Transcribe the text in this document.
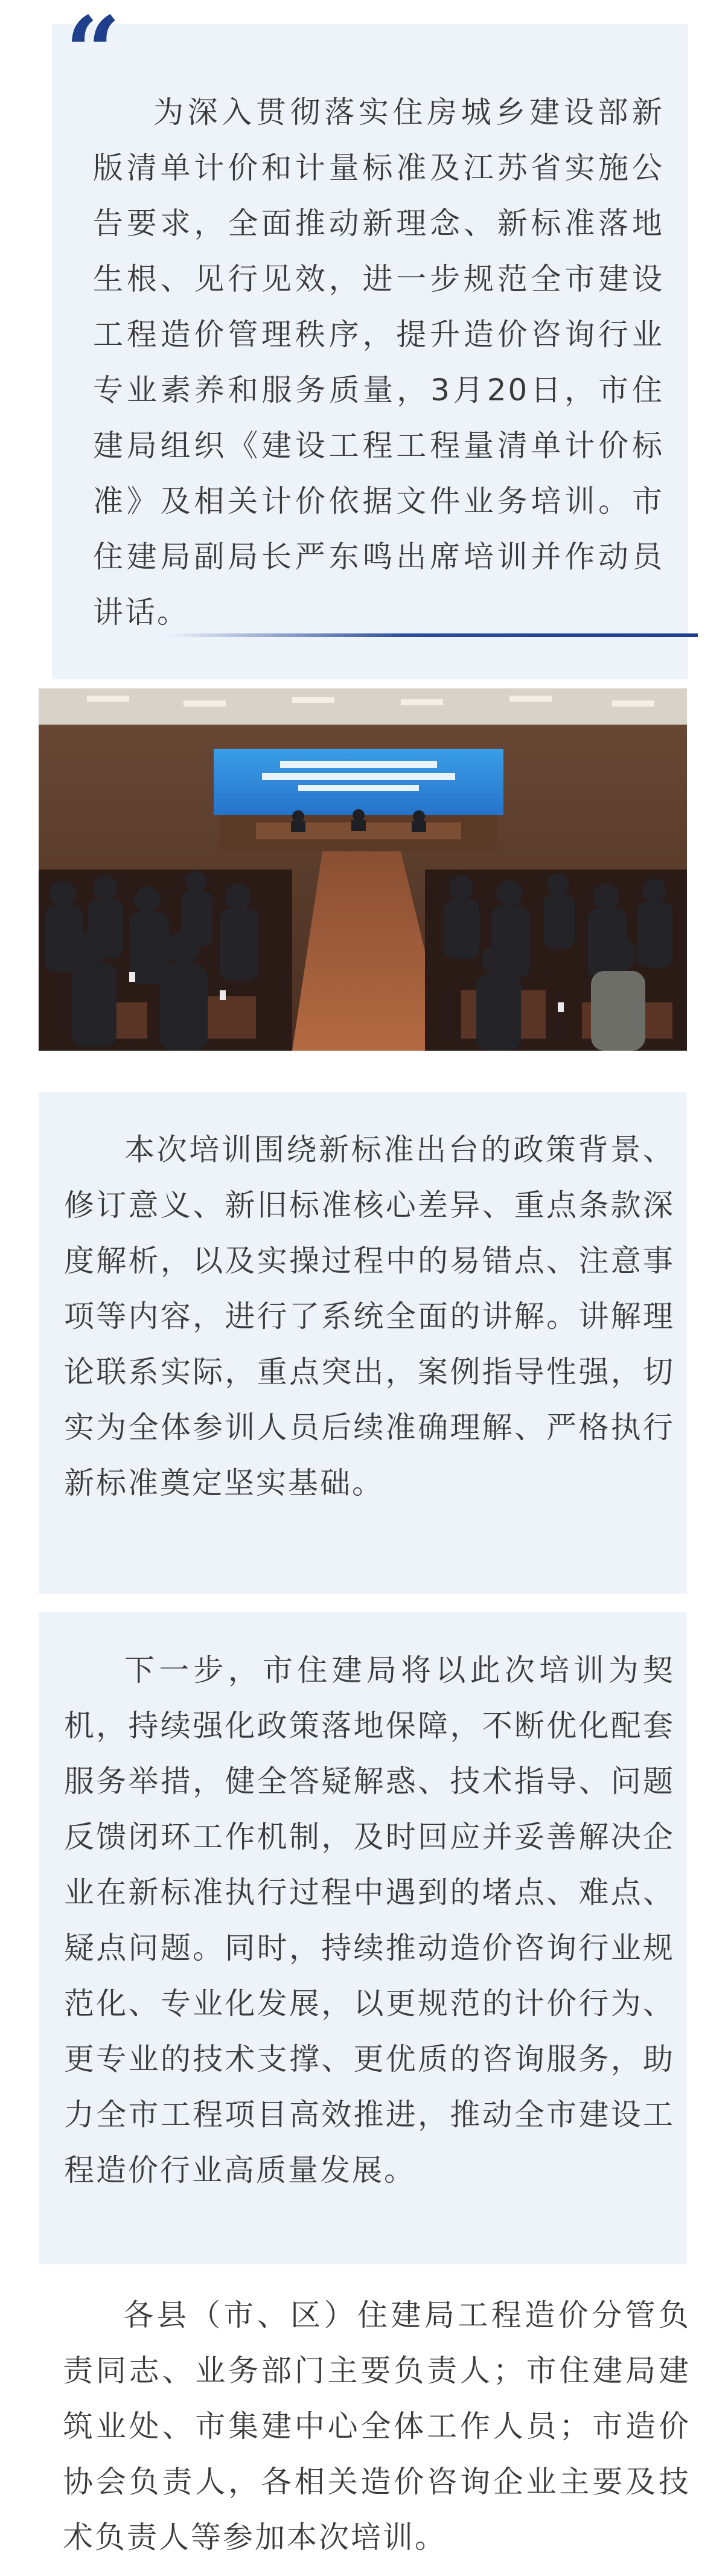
为深入贯彻落实住房城乡建设部新版清单计价和计量标准及江苏省实施公告要求，全面推动新理念、新标准落地生根、见行见效，进一步规范全市建设工程造价管理秩序，提升造价咨询行业专业素养和服务质量，3月20日，市住建局组织《建设工程工程量清单计价标准》及相关计价依据文件业务培训。市住建局副局长严东鸣出席培训并作动员讲话。

“

本次培训围绕新标准出台的政策背景、修订意义、新旧标准核心差异、重点条款深度解析，以及实操过程中的易错点、注意事项等内容，进行了系统全面的讲解。讲解理论联系实际，重点突出，案例指导性强，切实为全体参训人员后续准确理解、严格执行新标准奠定坚实基础。

下一步，市住建局将以此次培训为契机，持续强化政策落地保障，不断优化配套服务举措，健全答疑解惑、技术指导、问题反馈闭环工作机制，及时回应并妥善解决企业在新标准执行过程中遇到的堵点、难点、疑点问题。同时，持续推动造价咨询行业规范化、专业化发展，以更规范的计价行为、更专业的技术支撑、更优质的咨询服务，助力全市工程项目高效推进，推动全市建设工程造价行业高质量发展。

各县（市、区）住建局工程造价分管负责同志、业务部门主要负责人；市住建局建筑业处、市集建中心全体工作人员；市造价协会负责人，各相关造价咨询企业主要及技术负责人等参加本次培训。
